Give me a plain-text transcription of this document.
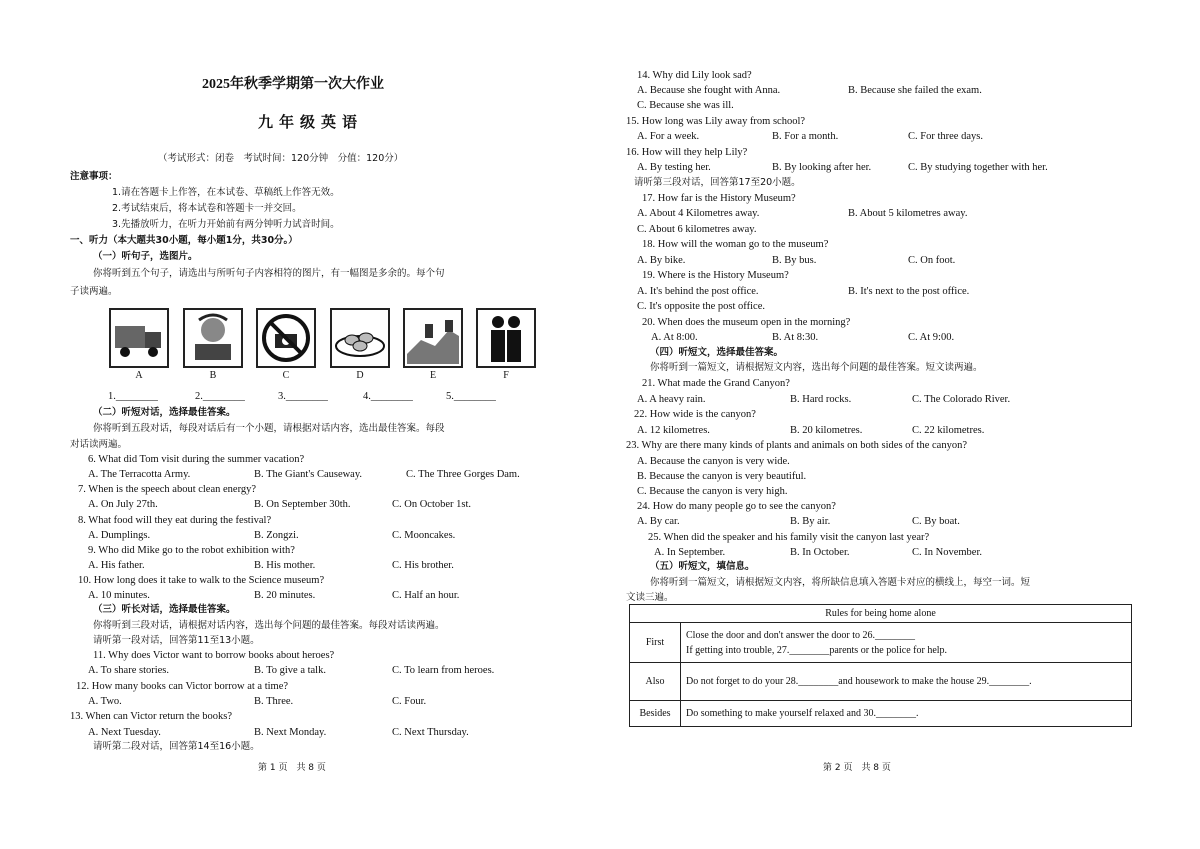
2025年秋季学期第一次大作业
九年级英语
（考试形式：闭卷　考试时间：120分钟　分值：120分）
注意事项：
1.请在答题卡上作答，在本试卷、草稿纸上作答无效。
2.考试结束后，将本试卷和答题卡一并交回。
3.先播放听力，在听力开始前有两分钟听力试音时间。
一、听力（本大题共30小题，每小题1分，共30分。）
（一）听句子，选图片。
你将听到五个句子，请选出与所听句子内容相符的图片，有一幅图是多余的。每个句
子读两遍。
A	B	C	D	E	F
1.________	2.________	3.________	4.________	5.________
（二）听短对话，选择最佳答案。
你将听到五段对话，每段对话后有一个小题，请根据对话内容，选出最佳答案。每段
对话读两遍。
6. What did Tom visit during the summer vacation?
A. The Terracotta Army.	B. The Giant's Causeway.	C. The Three Gorges Dam.
7. When is the speech about clean energy?
A. On July 27th.	B. On September 30th.	C. On October 1st.
8. What food will they eat during the festival?
A. Dumplings.	B. Zongzi.	C. Mooncakes.
9. Who did Mike go to the robot exhibition with?
A. His father.	B. His mother.	C. His brother.
10. How long does it take to walk to the Science museum?
A. 10 minutes.	B. 20 minutes.	C. Half an hour.
（三）听长对话，选择最佳答案。
你将听到三段对话，请根据对话内容，选出每个问题的最佳答案。每段对话读两遍。
请听第一段对话，回答第11至13小题。
11. Why does Victor want to borrow books about heroes?
A. To share stories.	B. To give a talk.	C. To learn from heroes.
12. How many books can Victor borrow at a time?
A. Two.	B. Three.	C. Four.
13. When can Victor return the books?
A. Next Tuesday.	B. Next Monday.	C. Next Thursday.
请听第二段对话，回答第14至16小题。
第 1 页　共 8 页
14. Why did Lily look sad?
A. Because she fought with Anna.	B. Because she failed the exam.
C. Because she was ill.
15. How long was Lily away from school?
A. For a week.	B. For a month.	C. For three days.
16. How will they help Lily?
A. By testing her.	B. By looking after her.	C. By studying together with her.
请听第三段对话，回答第17至20小题。
17. How far is the History Museum?
A. About 4 Kilometres away.	B. About 5 kilometres away.
C. About 6 kilometres away.
18. How will the woman go to the museum?
A. By bike.	B. By bus.	C. On foot.
19. Where is the History Museum?
A. It's behind the post office.	B. It's next to the post office.
C. It's opposite the post office.
20. When does the museum open in the morning?
A. At 8:00.	B. At 8:30.	C. At 9:00.
（四）听短文，选择最佳答案。
你将听到一篇短文，请根据短文内容，选出每个问题的最佳答案。短文读两遍。
21. What made the Grand Canyon?
A. A heavy rain.	B. Hard rocks.	C. The Colorado River.
22. How wide is the canyon?
A. 12 kilometres.	B. 20 kilometres.	C. 22 kilometres.
23. Why are there many kinds of plants and animals on both sides of the canyon?
A. Because the canyon is very wide.
B. Because the canyon is very beautiful.
C. Because the canyon is very high.
24. How do many people go to see the canyon?
A. By car.	B. By air.	C. By boat.
25. When did the speaker and his family visit the canyon last year?
A. In September.	B. In October.	C. In November.
（五）听短文，填信息。
你将听到一篇短文，请根据短文内容，将所缺信息填入答题卡对应的横线上，每空一词。短
文读三遍。
Rules for being home alone	
First	Close the door and don't answer the door to 26.________
If getting into trouble, 27.________parents or the police for help.

Also	Do not forget to do your 28.________and housework to make the house 29.________.

Besides	Do something to make yourself relaxed and 30.________.
第 2 页　共 8 页
